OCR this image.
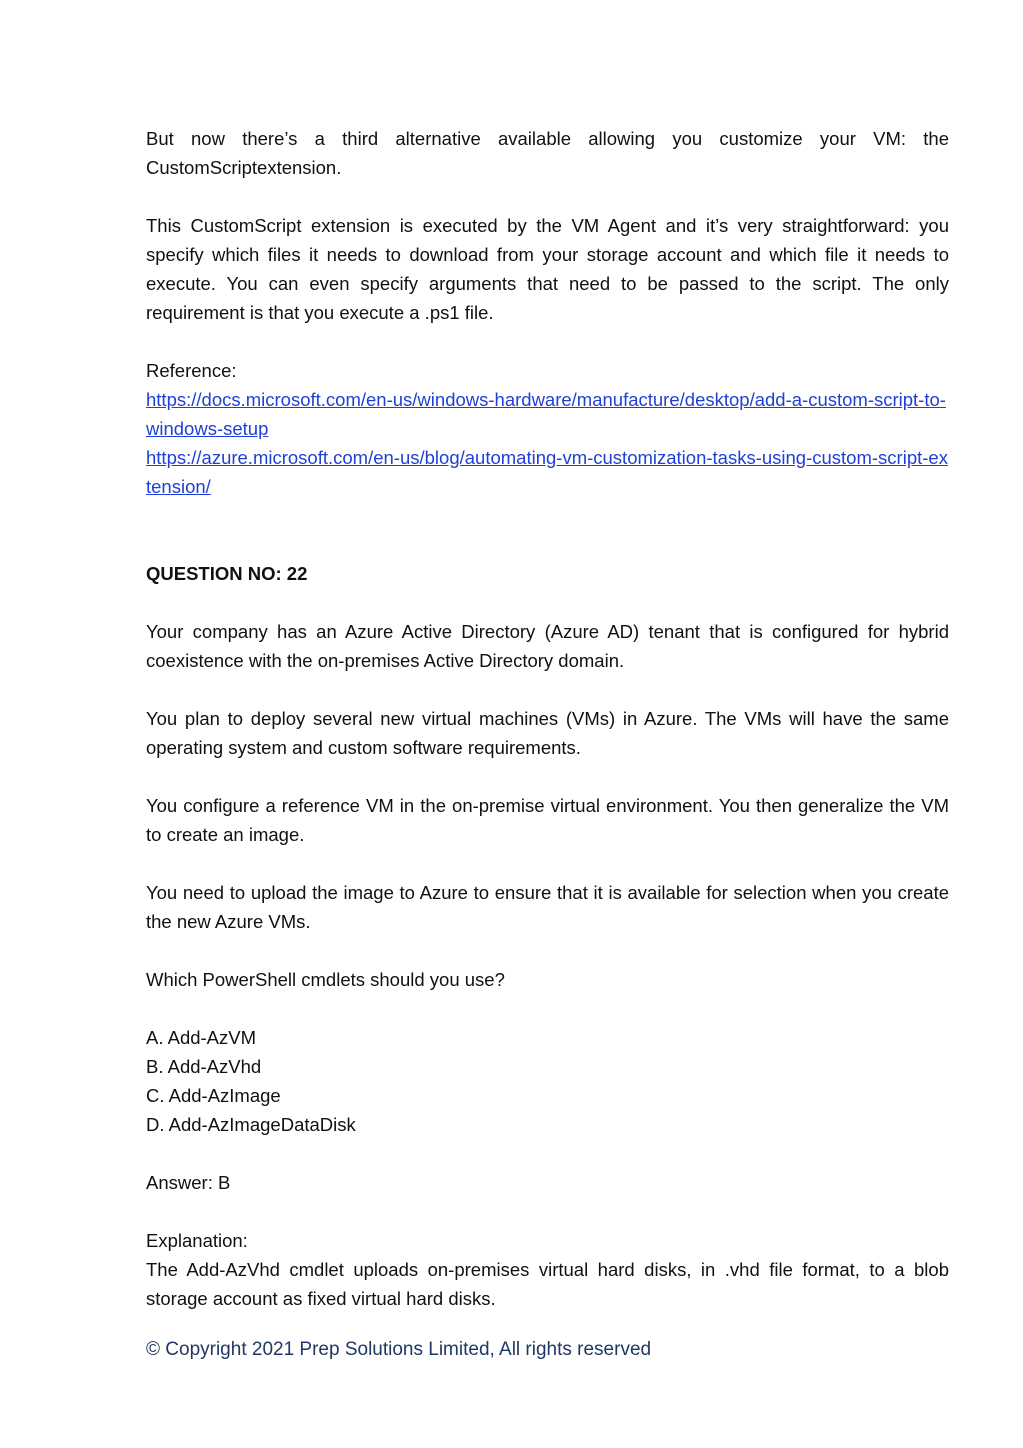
But now there’s a third alternative available allowing you customize your VM: the CustomScriptextension.

This CustomScript extension is executed by the VM Agent and it’s very straightforward: you specify which files it needs to download from your storage account and which file it needs to execute. You can even specify arguments that need to be passed to the script. The only requirement is that you execute a .ps1 file.

Reference:

https://docs.microsoft.com/en-us/windows-hardware/manufacture/desktop/add-a-custom-script-to-windows-setup
https://azure.microsoft.com/en-us/blog/automating-vm-customization-tasks-using-custom-script-extension/

QUESTION NO: 22

Your company has an Azure Active Directory (Azure AD) tenant that is configured for hybrid coexistence with the on-premises Active Directory domain.

You plan to deploy several new virtual machines (VMs) in Azure. The VMs will have the same operating system and custom software requirements.

You configure a reference VM in the on-premise virtual environment. You then generalize the VM to create an image.

You need to upload the image to Azure to ensure that it is available for selection when you create the new Azure VMs.

Which PowerShell cmdlets should you use?

A. Add-AzVM
B. Add-AzVhd
C. Add-AzImage
D. Add-AzImageDataDisk

Answer: B

Explanation:

The Add-AzVhd cmdlet uploads on-premises virtual hard disks, in .vhd file format, to a blob storage account as fixed virtual hard disks.

© Copyright 2021 Prep Solutions Limited, All rights reserved
